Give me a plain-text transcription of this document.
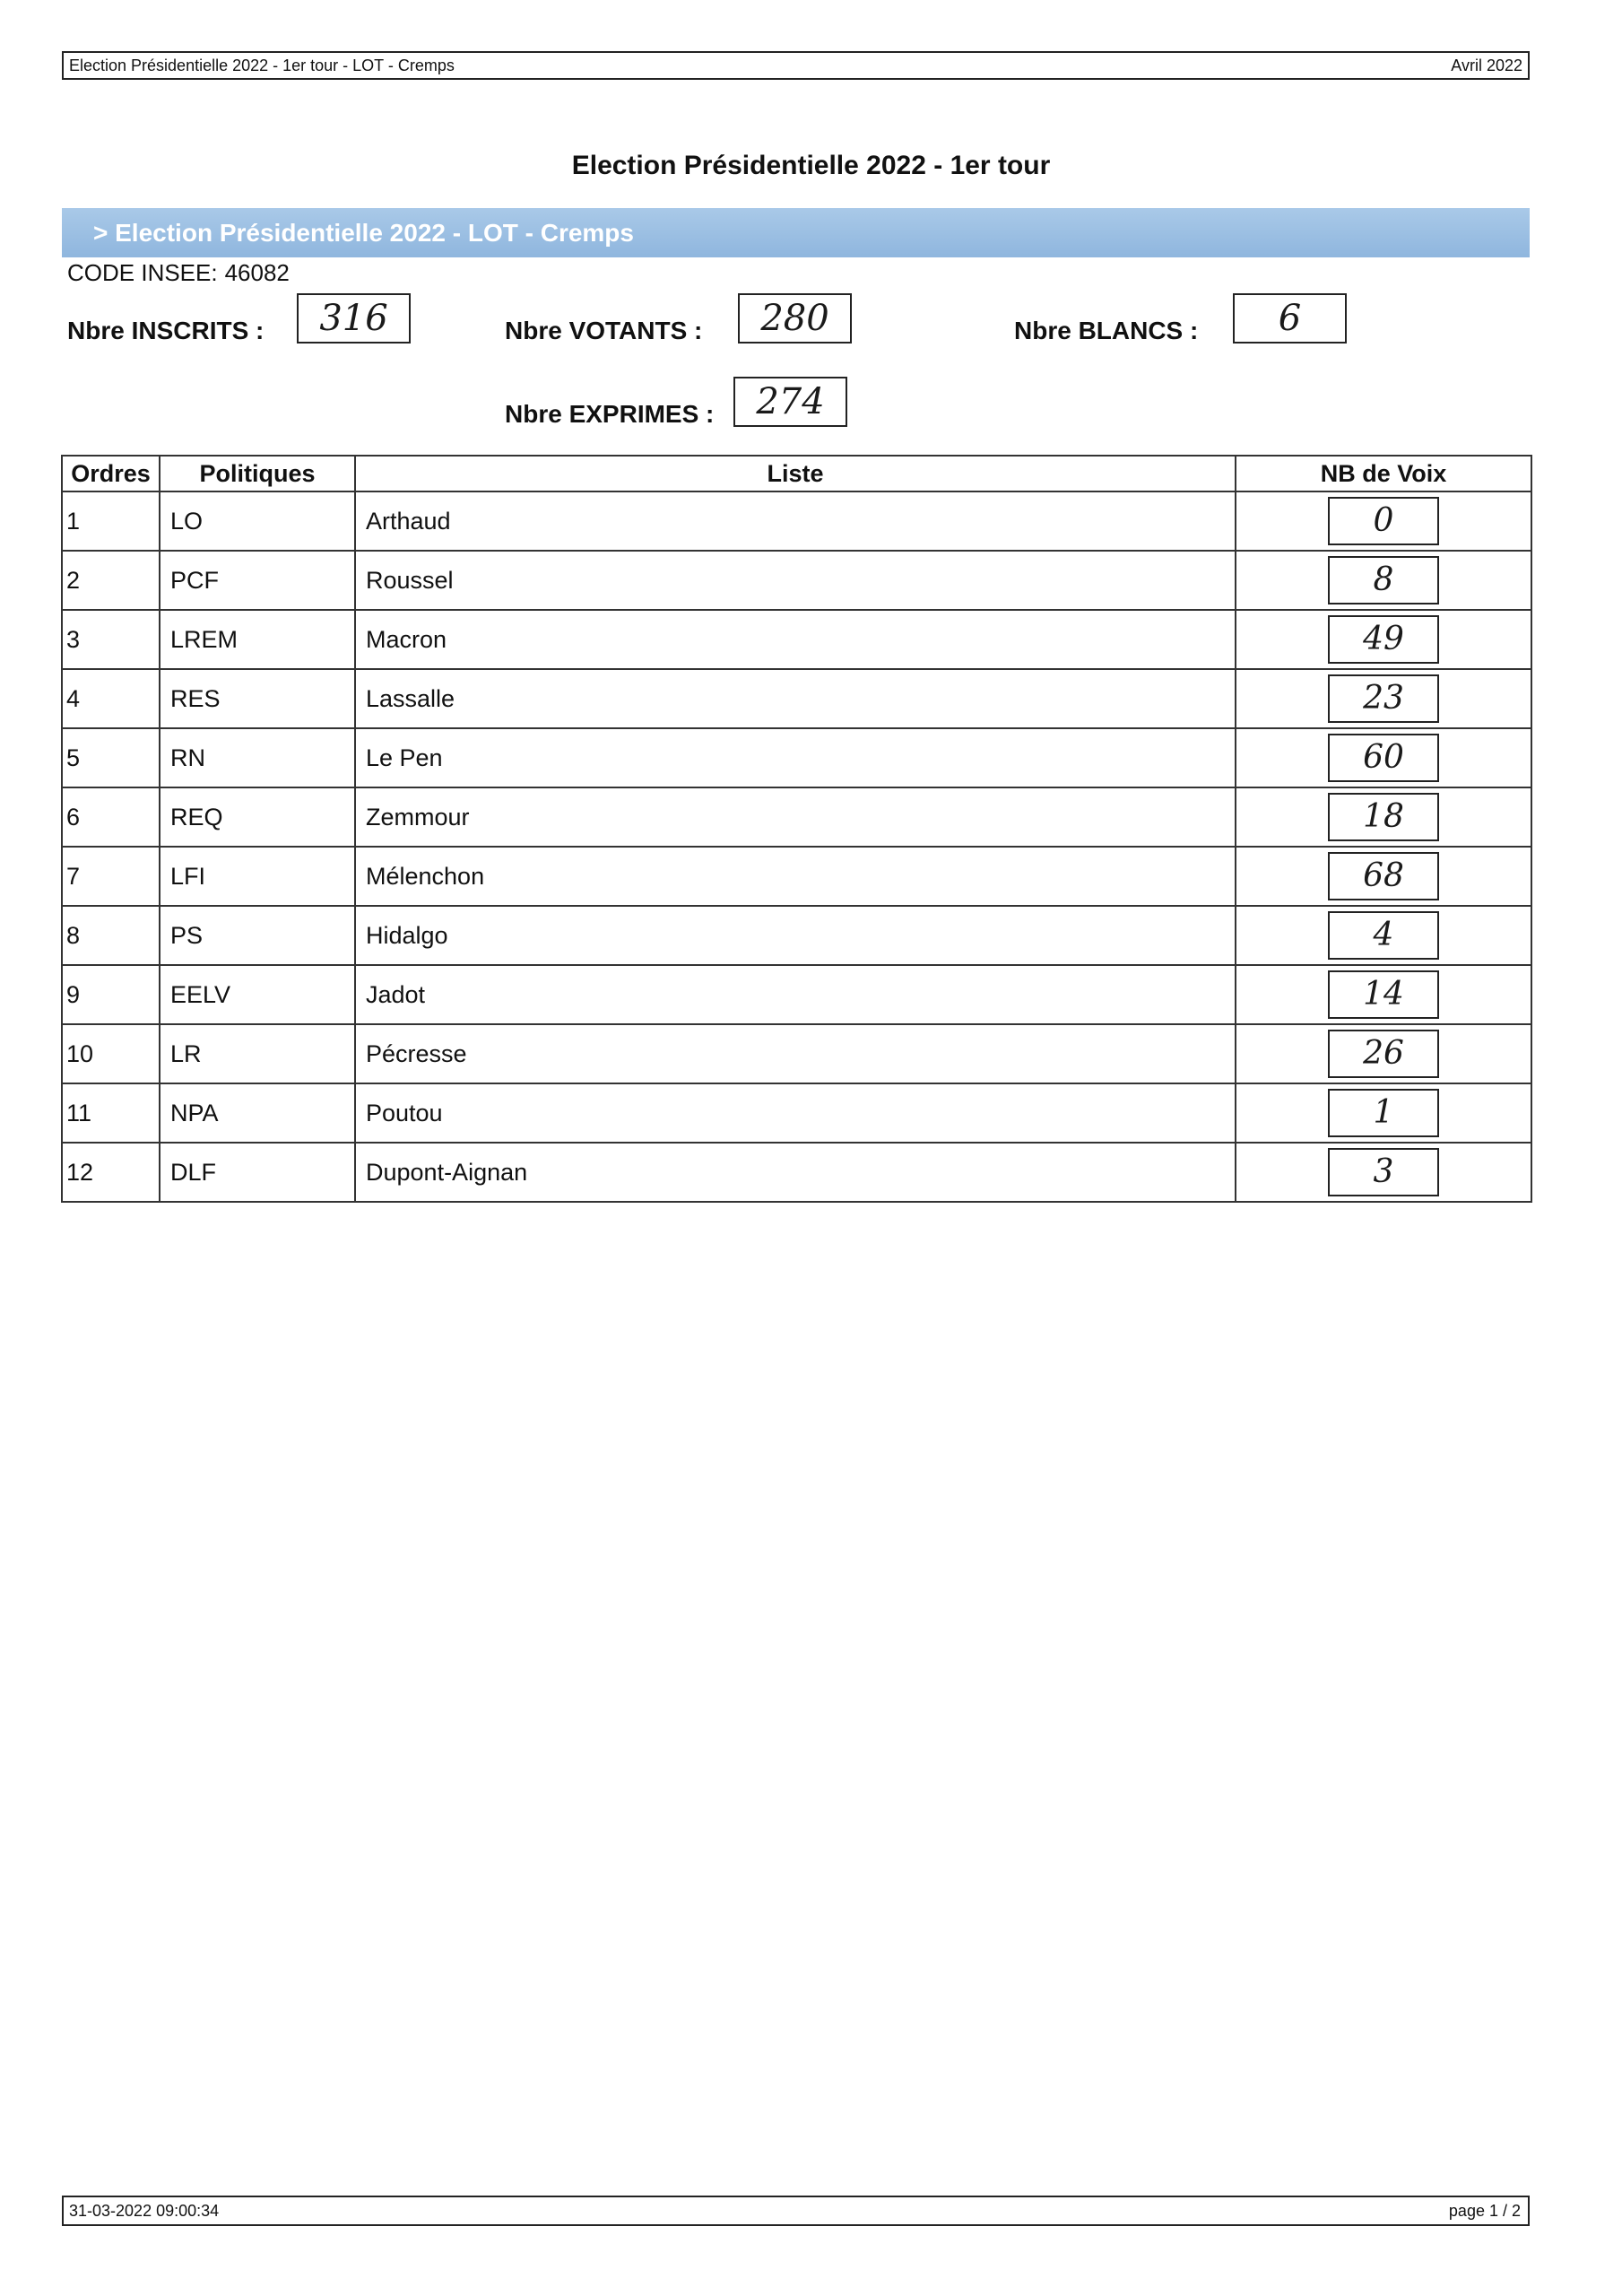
Election Présidentielle 2022 - 1er tour - LOT - Cremps	Avril 2022
Election Présidentielle 2022 - 1er tour
> Election Présidentielle 2022 - LOT - Cremps
CODE INSEE: 46082
Nbre INSCRITS :	316	Nbre VOTANTS :	280	Nbre BLANCS :	6
Nbre EXPRIMES :	274
Ordres	Politiques	Liste	NB de Voix
1	LO	Arthaud	0
2	PCF	Roussel	8
3	LREM	Macron	49
4	RES	Lassalle	23
5	RN	Le Pen	60
6	REQ	Zemmour	18
7	LFI	Mélenchon	68
8	PS	Hidalgo	4
9	EELV	Jadot	14
10	LR	Pécresse	26
11	NPA	Poutou	1
12	DLF	Dupont-Aignan	3
31-03-2022 09:00:34	page 1 / 2
